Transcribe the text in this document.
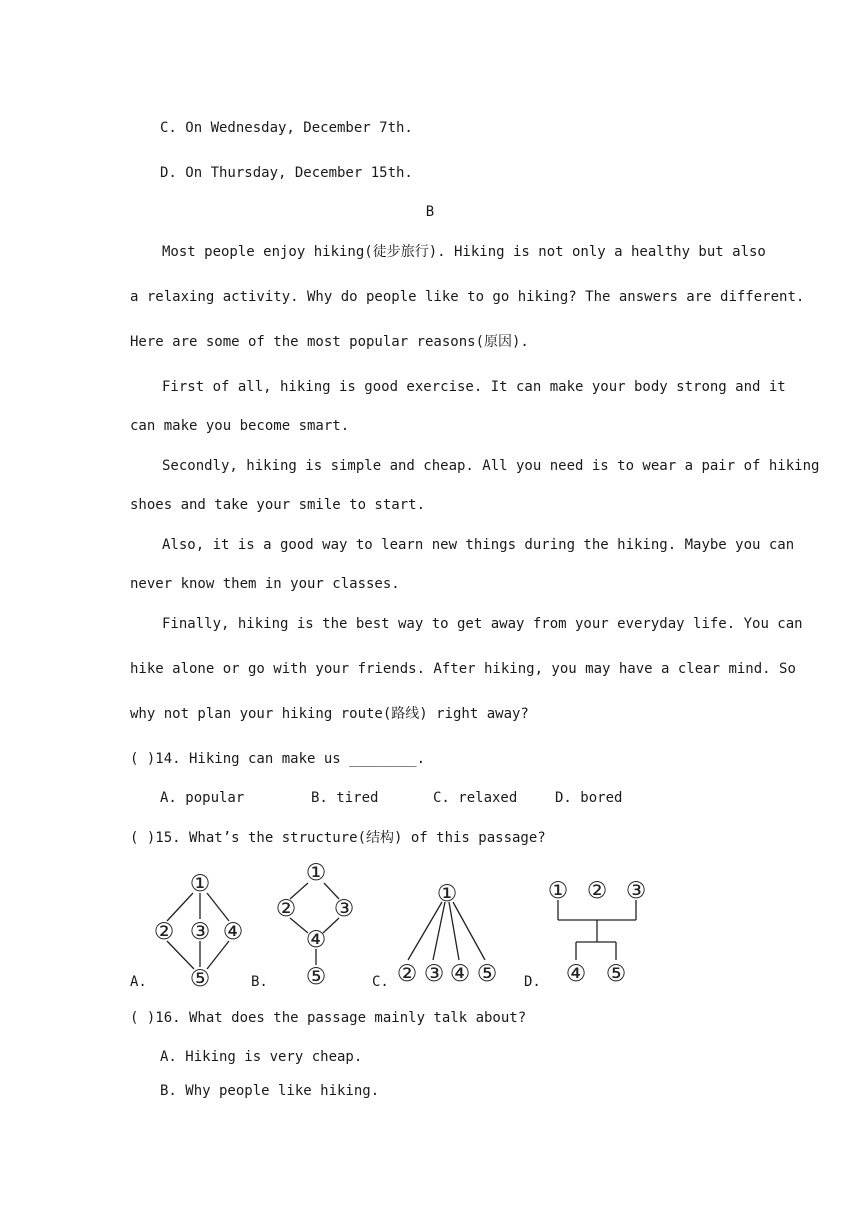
C. On Wednesday, December 7th.
D. On Thursday, December 15th.
B
Most people enjoy hiking(徒步旅行). Hiking is not only a healthy but also
a relaxing activity. Why do people like to go hiking? The answers are different.
Here are some of the most popular reasons(原因).
First of all, hiking is good exercise. It can make your body strong and it
can make you become smart.
Secondly, hiking is simple and cheap. All you need is to wear a pair of hiking
shoes and take your smile to start.
Also, it is a good way to learn new things during the hiking. Maybe you can
never know them in your classes.
Finally, hiking is the best way to get away from your everyday life. You can
hike alone or go with your friends. After hiking, you may have a clear mind. So
why not plan your hiking route(路线) right away?
( )14. Hiking can make us ________.
A. popular	B. tired	C. relaxed	D. bored
( )15. What’s the structure(结构) of this passage?
A.	B.	C.	D.
①
② ③ ④
⑤
①
② ③
④
⑤
①
② ③ ④ ⑤
① ② ③
④ ⑤
( )16. What does the passage mainly talk about?
A. Hiking is very cheap.
B. Why people like hiking.
